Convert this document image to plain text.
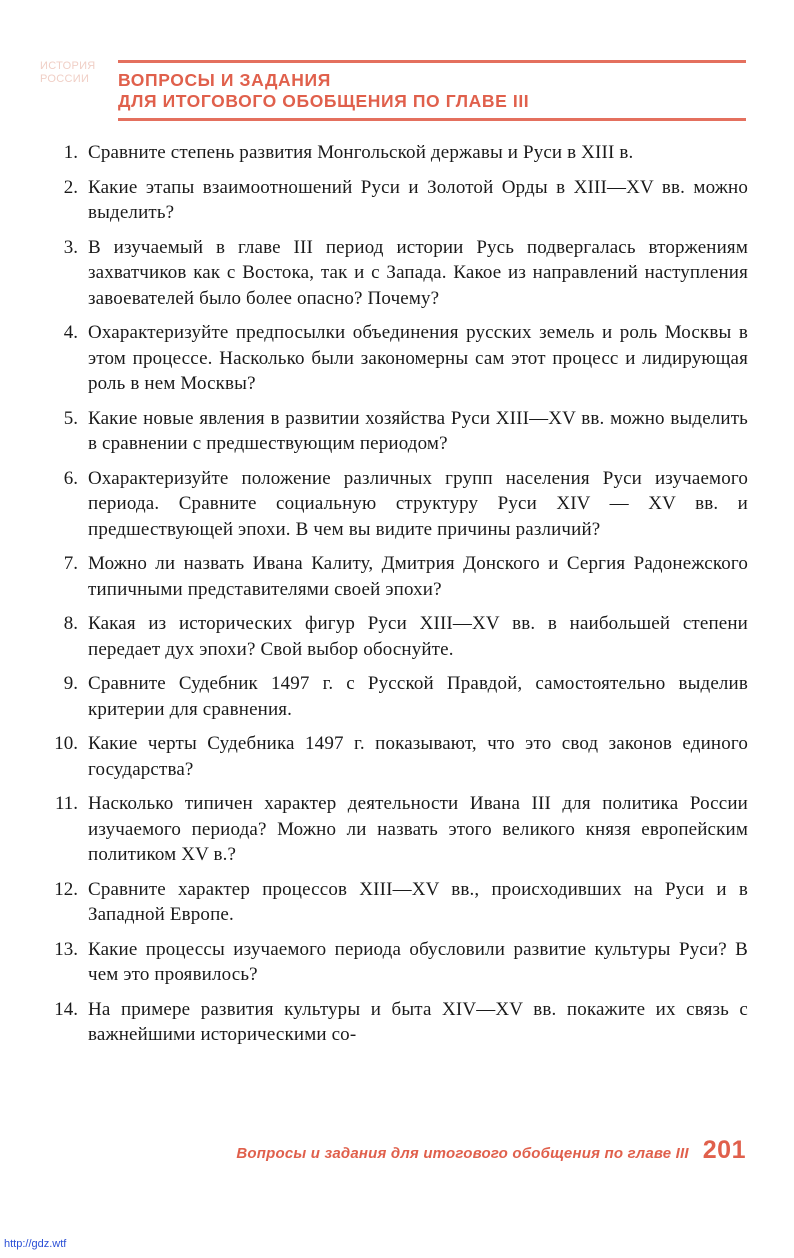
ИСТОРИЯ РОССИИ	ВОПРОСЫ И ЗАДАНИЯ
ДЛЯ ИТОГОВОГО ОБОБЩЕНИЯ ПО ГЛАВЕ III
1. Сравните степень развития Монгольской державы и Руси в XIII в.
2. Какие этапы взаимоотношений Руси и Золотой Орды в XIII—XV вв. можно выделить?
3. В изучаемый в главе III период истории Русь подвергалась вторжениям захватчиков как с Востока, так и с Запада. Какое из направлений наступления завоевателей было более опасно? Почему?
4. Охарактеризуйте предпосылки объединения русских земель и роль Москвы в этом процессе. Насколько были закономерны сам этот процесс и лидирующая роль в нем Москвы?
5. Какие новые явления в развитии хозяйства Руси XIII—XV вв. можно выделить в сравнении с предшествующим периодом?
6. Охарактеризуйте положение различных групп населения Руси изучаемого периода. Сравните социальную структуру Руси XIV — XV вв. и предшествующей эпохи. В чем вы видите причины различий?
7. Можно ли назвать Ивана Калиту, Дмитрия Донского и Сергия Радонежского типичными представителями своей эпохи?
8. Какая из исторических фигур Руси XIII—XV вв. в наибольшей степени передает дух эпохи? Свой выбор обоснуйте.
9. Сравните Судебник 1497 г. с Русской Правдой, самостоятельно выделив критерии для сравнения.
10. Какие черты Судебника 1497 г. показывают, что это свод законов единого государства?
11. Насколько типичен характер деятельности Ивана III для политика России изучаемого периода? Можно ли назвать этого великого князя европейским политиком XV в.?
12. Сравните характер процессов XIII—XV вв., происходивших на Руси и в Западной Европе.
13. Какие процессы изучаемого периода обусловили развитие культуры Руси? В чем это проявилось?
14. На примере развития культуры и быта XIV—XV вв. покажите их связь с важнейшими историческими со-
Вопросы и задания для итогового обобщения по главе III 201
http://gdz.wtf
